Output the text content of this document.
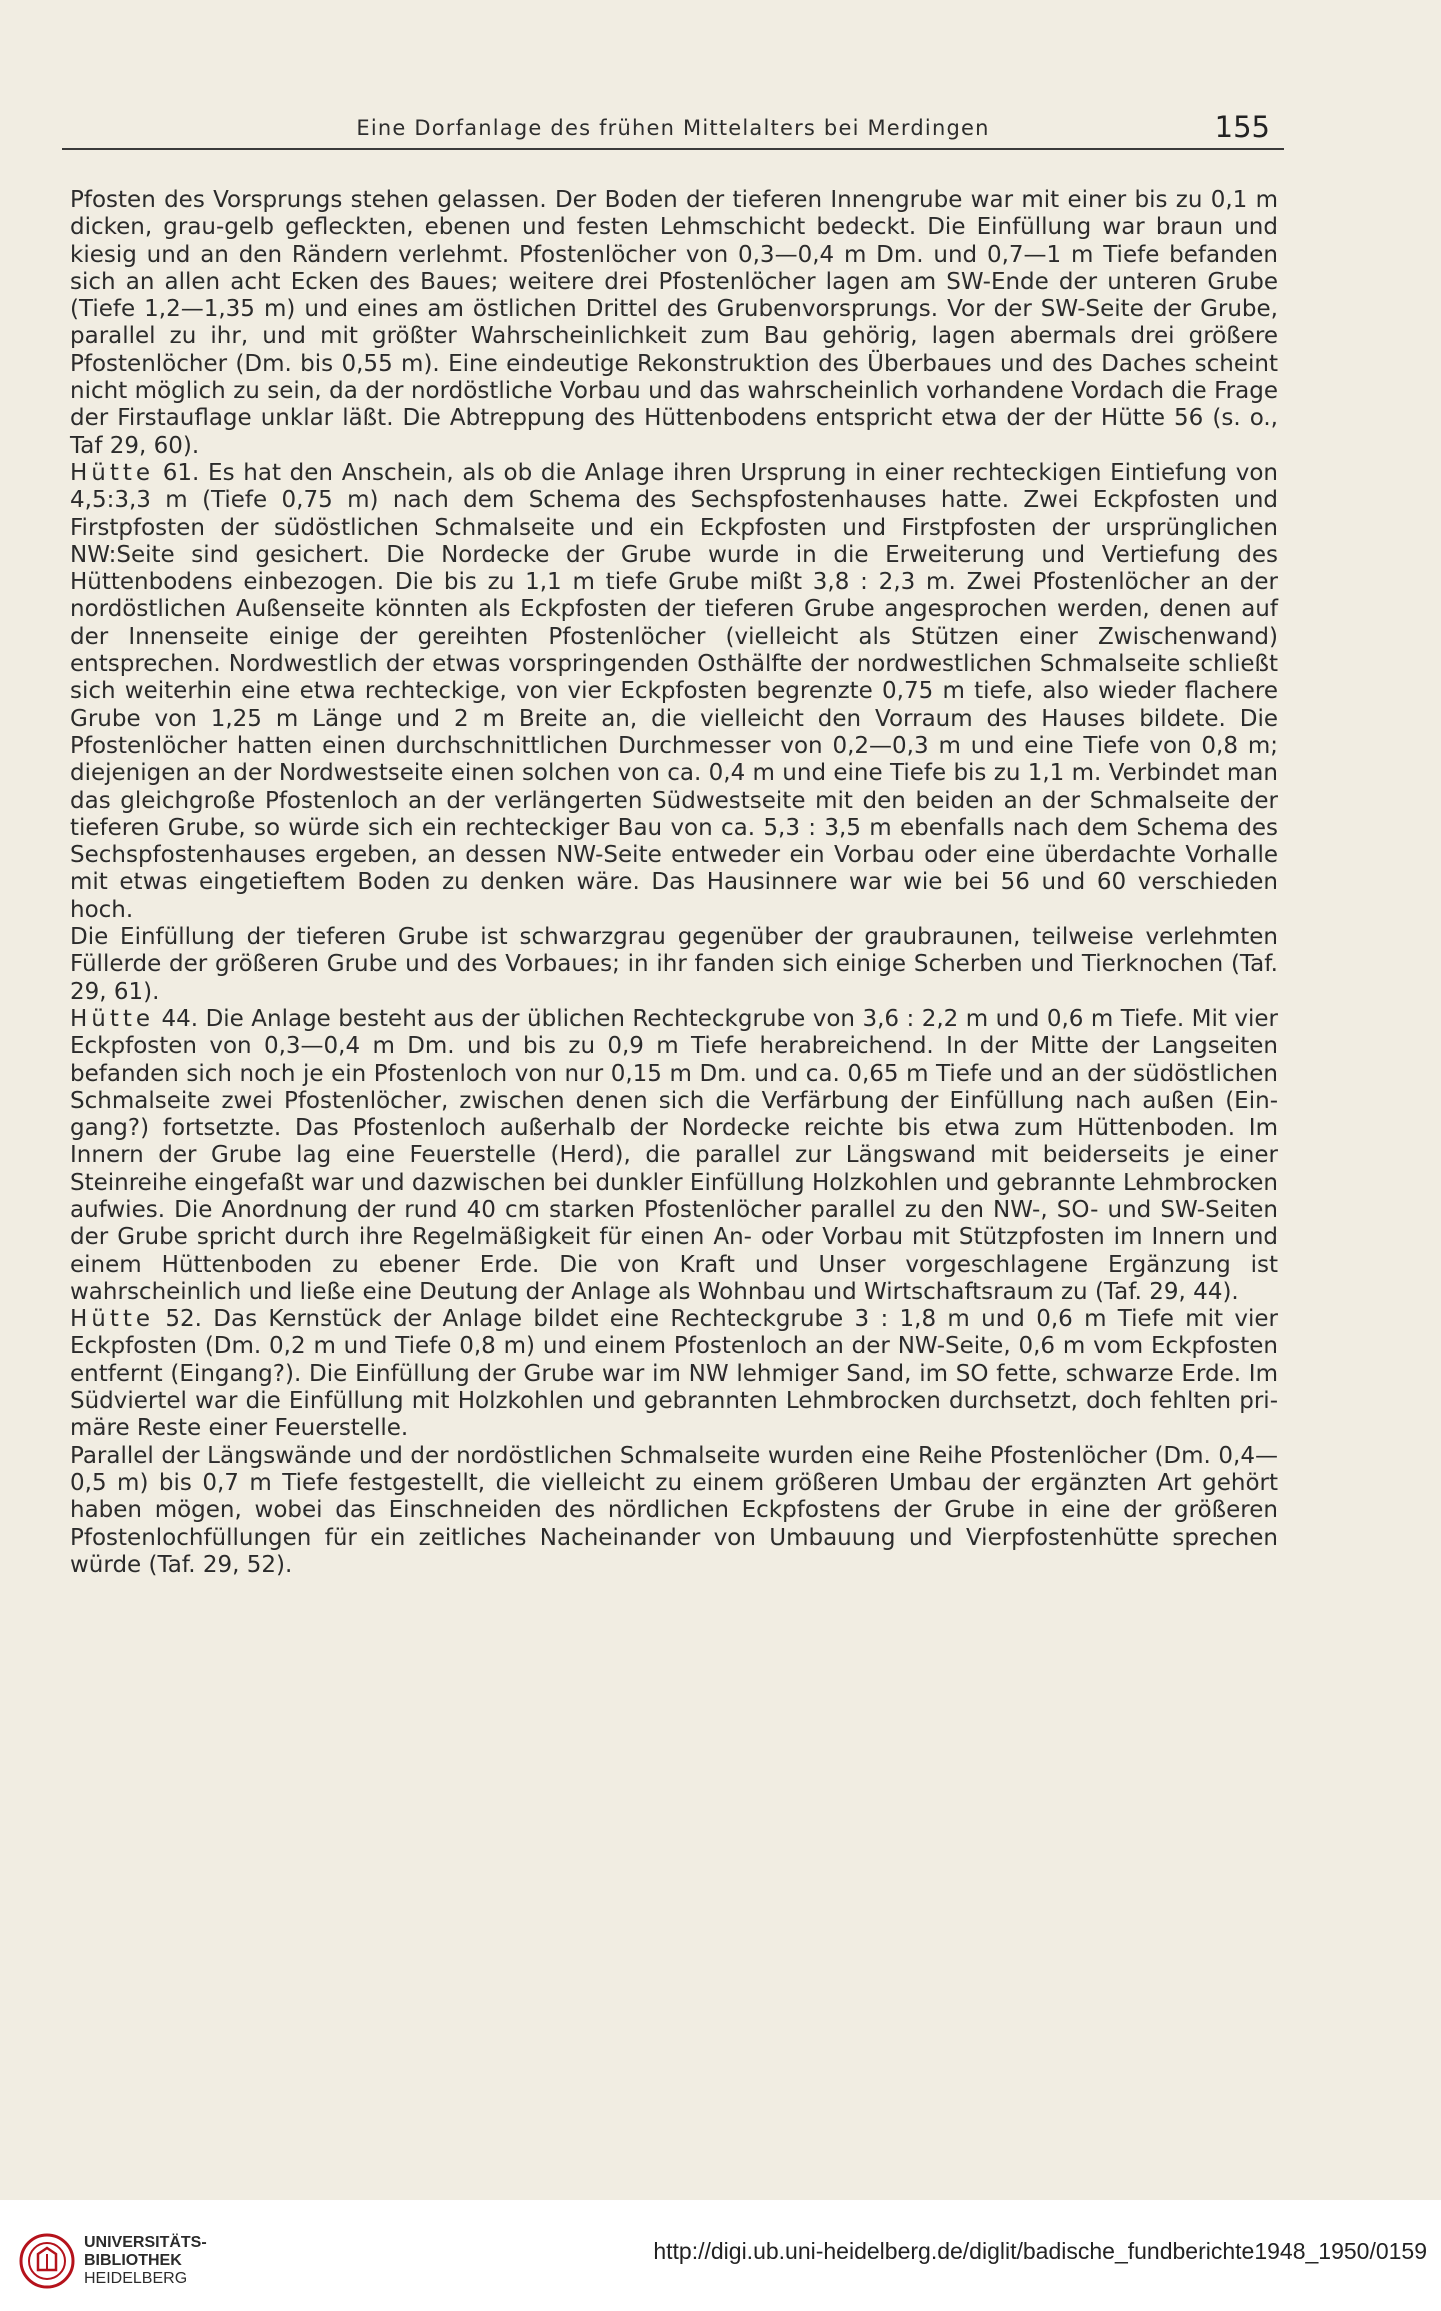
Eine Dorfanlage des frühen Mittelalters bei Merdingen	155

Pfosten des Vorsprungs stehen gelassen. Der Boden der tieferen Innengrube war mit einer bis zu 0,1 m dicken, grau-gelb gefleckten, ebenen und festen Lehmschicht bedeckt. Die Einfüllung war braun und kiesig und an den Rändern verlehmt. Pfostenlöcher von 0,3—0,4 m Dm. und 0,7—1 m Tiefe befanden sich an allen acht Ecken des Baues; weitere drei Pfostenlöcher lagen am SW-Ende der unteren Grube (Tiefe 1,2—1,35 m) und eines am östlichen Drittel des Grubenvorsprungs. Vor der SW-Seite der Grube, parallel zu ihr, und mit größter Wahrscheinlichkeit zum Bau gehörig, lagen abermals drei größere Pfostenlöcher (Dm. bis 0,55 m). Eine eindeutige Rekonstruktion des Überbaues und des Daches scheint nicht möglich zu sein, da der nordöstliche Vorbau und das wahrscheinlich vorhandene Vordach die Frage der Firstauflage unklar läßt. Die Abtreppung des Hüttenbodens entspricht etwa der der Hütte 56 (s. o., Taf 29, 60).

Hütte 61. Es hat den Anschein, als ob die Anlage ihren Ursprung in einer rechteckigen Eintiefung von 4,5:3,3 m (Tiefe 0,75 m) nach dem Schema des Sechspfostenhauses hatte. Zwei Eckpfosten und Firstpfosten der südöstlichen Schmalseite und ein Eckpfosten und Firstpfosten der ursprünglichen NW:Seite sind gesichert. Die Nordecke der Grube wurde in die Erweiterung und Vertiefung des Hüttenbodens einbezogen. Die bis zu 1,1 m tiefe Grube mißt 3,8 : 2,3 m. Zwei Pfostenlöcher an der nordöstlichen Außenseite könnten als Eckpfosten der tieferen Grube angesprochen werden, denen auf der Innenseite einige der gereihten Pfostenlöcher (vielleicht als Stützen einer Zwischenwand) entsprechen. Nordwestlich der etwas vorspringenden Osthälfte der nordwestlichen Schmalseite schließt sich weiterhin eine etwa rechteckige, von vier Eckpfosten begrenzte 0,75 m tiefe, also wieder flachere Grube von 1,25 m Länge und 2 m Breite an, die vielleicht den Vorraum des Hauses bildete. Die Pfostenlöcher hatten einen durchschnittlichen Durchmesser von 0,2—0,3 m und eine Tiefe von 0,8 m; diejenigen an der Nordwestseite einen solchen von ca. 0,4 m und eine Tiefe bis zu 1,1 m. Verbindet man das gleichgroße Pfostenloch an der verlängerten Südwestseite mit den beiden an der Schmalseite der tieferen Grube, so würde sich ein rechteckiger Bau von ca. 5,3 : 3,5 m ebenfalls nach dem Schema des Sechspfostenhauses ergeben, an dessen NW-Seite entweder ein Vorbau oder eine überdachte Vorhalle mit etwas eingetieftem Boden zu denken wäre. Das Hausinnere war wie bei 56 und 60 verschieden hoch.

Die Einfüllung der tieferen Grube ist schwarzgrau gegenüber der graubraunen, teilweise verlehmten Füllerde der größeren Grube und des Vorbaues; in ihr fanden sich einige Scherben und Tierknochen (Taf. 29, 61).

Hütte 44. Die Anlage besteht aus der üblichen Rechteckgrube von 3,6 : 2,2 m und 0,6 m Tiefe. Mit vier Eckpfosten von 0,3—0,4 m Dm. und bis zu 0,9 m Tiefe herabreichend. In der Mitte der Langseiten befanden sich noch je ein Pfostenloch von nur 0,15 m Dm. und ca. 0,65 m Tiefe und an der südöstlichen Schmalseite zwei Pfostenlöcher, zwischen denen sich die Verfärbung der Einfüllung nach außen (Eingang?) fortsetzte. Das Pfostenloch außerhalb der Nordecke reichte bis etwa zum Hüttenboden. Im Innern der Grube lag eine Feuerstelle (Herd), die parallel zur Längswand mit beiderseits je einer Steinreihe eingefaßt war und dazwischen bei dunkler Einfüllung Holzkohlen und gebrannte Lehmbrocken aufwies. Die Anordnung der rund 40 cm starken Pfostenlöcher parallel zu den NW-, SO- und SW-Seiten der Grube spricht durch ihre Regelmäßigkeit für einen An- oder Vorbau mit Stützpfosten im Innern und einem Hüttenboden zu ebener Erde. Die von Kraft und Unser vorgeschlagene Ergänzung ist wahrscheinlich und ließe eine Deutung der Anlage als Wohnbau und Wirtschaftsraum zu (Taf. 29, 44).

Hütte 52. Das Kernstück der Anlage bildet eine Rechteckgrube 3 : 1,8 m und 0,6 m Tiefe mit vier Eckpfosten (Dm. 0,2 m und Tiefe 0,8 m) und einem Pfostenloch an der NW-Seite, 0,6 m vom Eckpfosten entfernt (Eingang?). Die Einfüllung der Grube war im NW lehmiger Sand, im SO fette, schwarze Erde. Im Südviertel war die Einfüllung mit Holzkohlen und gebrannten Lehmbrocken durchsetzt, doch fehlten primäre Reste einer Feuerstelle.

Parallel der Längswände und der nordöstlichen Schmalseite wurden eine Reihe Pfostenlöcher (Dm. 0,4—0,5 m) bis 0,7 m Tiefe festgestellt, die vielleicht zu einem größeren Umbau der ergänzten Art gehört haben mögen, wobei das Einschneiden des nördlichen Eckpfostens der Grube in eine der größeren Pfostenlochfüllungen für ein zeitliches Nacheinander von Umbauung und Vierpfostenhütte sprechen würde (Taf. 29, 52).

UNIVERSITÄTS-
BIBLIOTHEK
HEIDELBERG
http://digi.ub.uni-heidelberg.de/diglit/badische_fundberichte1948_1950/0159
